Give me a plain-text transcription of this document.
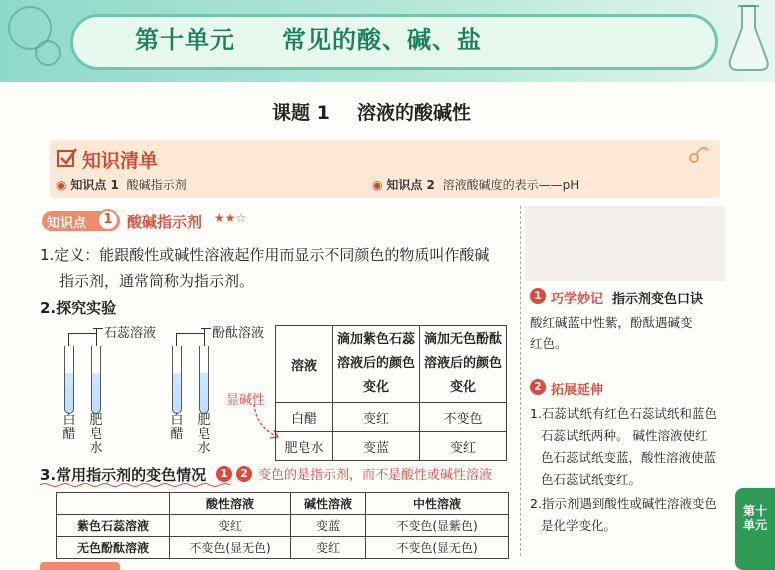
第十单元 常见的酸、碱、盐
课题 1 溶液的酸碱性
知识清单
◉ 知识点 1 酸碱指示剂	◉ 知识点 2 溶液酸碱度的表示——pH
知识点	1 酸碱指示剂 ★★☆
1.定义：能跟酸性或碱性溶液起作用而显示不同颜色的物质叫作酸碱
指示剂，通常简称为指示剂。
2.探究实验
石蕊溶液
白醋
肥皂水
酚酞溶液
白醋
肥皂水
显碱性
溶液	滴加紫色石蕊溶液后的颜色变化	滴加无色酚酞溶液后的颜色变化
白醋	变红	不变色
肥皂水	变蓝	变红
3.常用指示剂的变色情况	1	2 变色的是指示剂，而不是酸性或碱性溶液
	酸性溶液	碱性溶液	中性溶液
紫色石蕊溶液	变红	变蓝	不变色(显紫色)
无色酚酞溶液	不变色(显无色)	变红	不变色(显无色)
1 巧学妙记 指示剂变色口诀
酸红碱蓝中性紫，酚酞遇碱变
红色。
2 拓展延伸
1.石蕊试纸有红色石蕊试纸和蓝色
石蕊试纸两种。 碱性溶液使红
色石蕊试纸变蓝，酸性溶液使蓝
色石蕊试纸变红。
2.指示剂遇到酸性或碱性溶液变色
是化学变化。
第十单元
